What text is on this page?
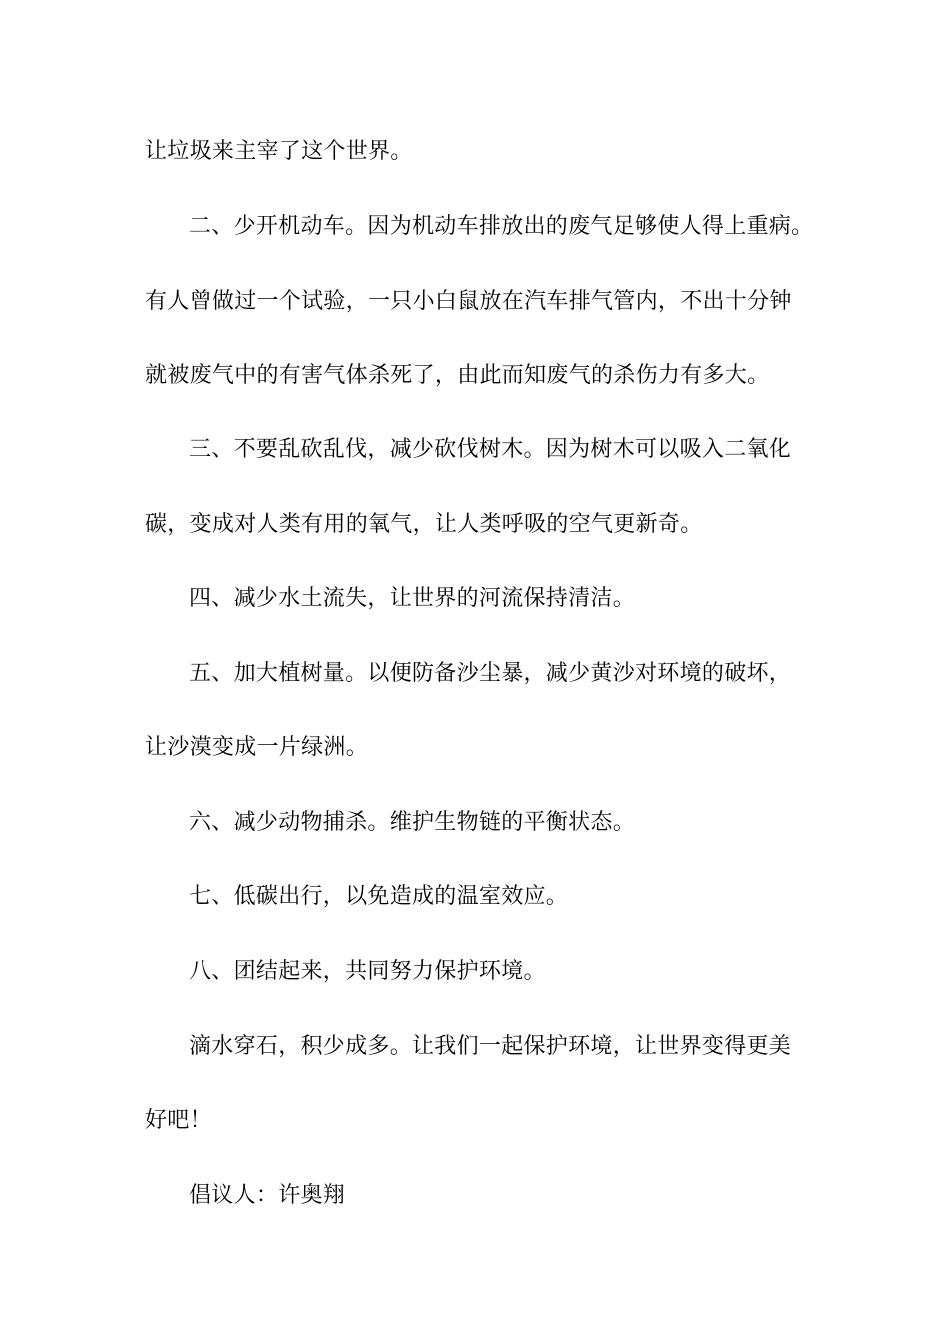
让垃圾来主宰了这个世界。
二、少开机动车。因为机动车排放出的废气足够使人得上重病。
有人曾做过一个试验，一只小白鼠放在汽车排气管内，不出十分钟
就被废气中的有害气体杀死了，由此而知废气的杀伤力有多大。
三、不要乱砍乱伐，减少砍伐树木。因为树木可以吸入二氧化
碳，变成对人类有用的氧气，让人类呼吸的空气更新奇。
四、减少水土流失，让世界的河流保持清洁。
五、加大植树量。以便防备沙尘暴，减少黄沙对环境的破坏，
让沙漠变成一片绿洲。
六、减少动物捕杀。维护生物链的平衡状态。
七、低碳出行，以免造成的温室效应。
八、团结起来，共同努力保护环境。
滴水穿石，积少成多。让我们一起保护环境，让世界变得更美
好吧！
倡议人：许奥翔
